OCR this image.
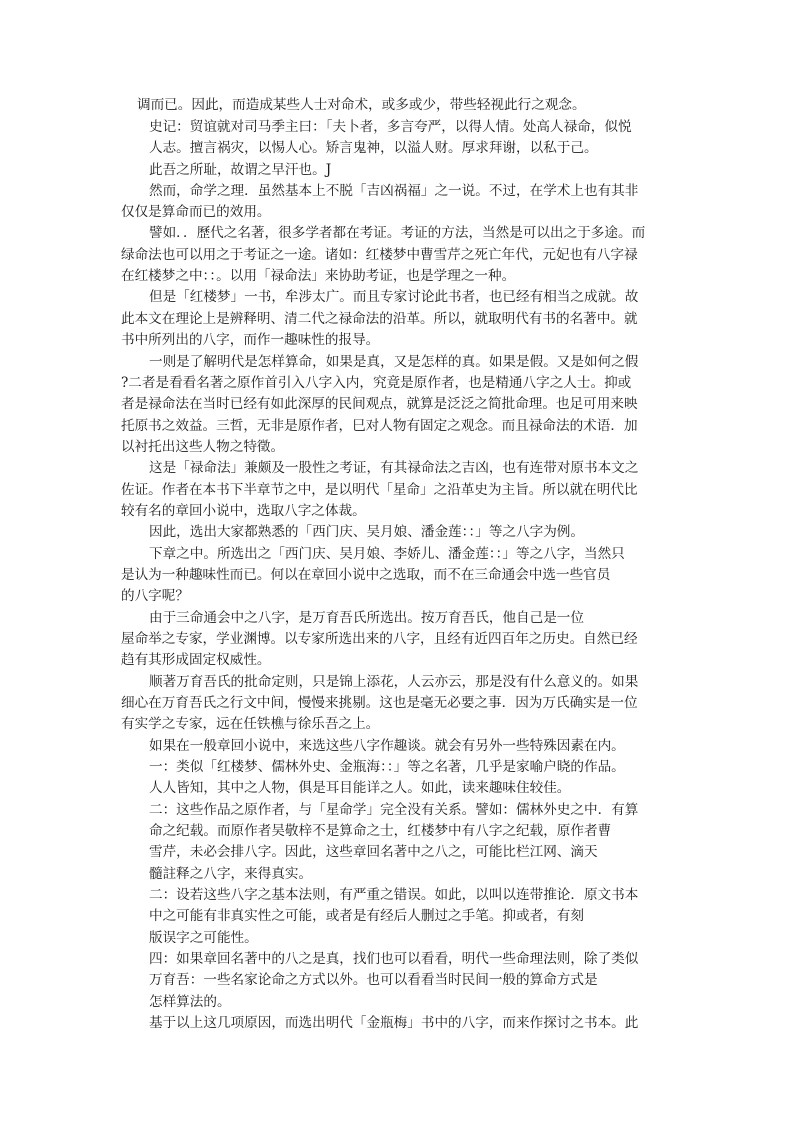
调而已。因此，而造成某些人士对命术，或多或少，带些轻视此行之观念。
史记：贸谊就对司马季主曰：「夫卜者，多言夸严，以得人情。处高人禄命，似悦
人志。擅言祸灾，以惕人心。矫言鬼神，以溢人财。厚求拜谢，以私于己。
此吾之所耻，故谓之早汗也。J
然而，命学之理．虽然基本上不脱「吉凶祸福」之一说。不过，在学术上也有其非
仅仅是算命而已的效用。
譬如．．歷代之名著，很多学者都在考证。考证的方法，当然是可以出之于多途。而
绿命法也可以用之于考证之一途。诸如：红楼梦中曹雪芹之死亡年代，元妃也有八字禄
在红楼梦之中：：。以用「禄命法」来协助考证，也是学理之一种。
但是「红楼梦」一书，牟涉太广。而且专家讨论此书者，也已经有相当之成就。故
此本文在理论上是辨释明、清二代之禄命法的沿革。所以，就取明代有书的名著中。就
书中所列出的八字，而作一趣味性的报导。
一则是了解明代是怎样算命，如果是真，又是怎样的真。如果是假。又是如何之假
?二者是看看名著之原作首引入八字入内，究竟是原作者，也是精通八字之人士。抑或
者是禄命法在当时已经有如此深厚的民间观点，就算是泛泛之简批命理。也足可用来映
托原书之效益。三哲，无非是原作者，巳对人物有固定之观念。而且禄命法的术语．加
以衬托出这些人物之特徵。
这是「禄命法」兼颇及一股性之考证，有其禄命法之吉凶，也有连带对原书本文之
佐证。作者在本书下半章节之中，是以明代「星命」之沿革史为主旨。所以就在明代比
较有名的章回小说中，选取八字之体裁。
因此，选出大家都熟悉的「西门庆、吴月娘、潘金莲：：」等之八字为例。
下章之中。所选出之「西门庆、吴月娘、李娇儿、潘金莲：：」等之八字，当然只
是认为一种趣味性而已。何以在章回小说中之选取，而不在三命通会中选一些官员
的八字呢？
由于三命通会中之八字，是万育吾氏所选出。按万育吾氏，他自己是一位
屋命举之专家，学业渊博。以专家所选出来的八字，且经有近四百年之历史。自然已经
趋有其形成固定权威性。
顺著万育吾氏的批命定则，只是锦上添花，人云亦云，那是没有什么意义的。如果
细心在万育吾氏之行文中间，慢慢来挑剔。这也是毫无必要之事．因为万氏确实是一位
有实学之专家，远在任铁樵与徐乐吾之上。
如果在一般章回小说中，来选这些八字作趣谈。就会有另外一些特殊因素在内。
一：类似「红楼梦、儒林外史、金瓶海：：」等之名著，几乎是家喻户晓的作品。
人人皆知，其中之人物，俱是耳目能详之人。如此，读来趣味住较佳。
二：这些作品之原作者，与「星命学」完全没有关系。譬如：儒林外史之中．有算
命之纪载。而原作者吴敬梓不是算命之士，红楼梦中有八字之纪载，原作者曹
雪芹，未必会排八字。因此，这些章回名著中之八之，可能比栏江网、滴天
髓註释之八字，来得真实。
二：设若这些八字之基本法则，有严重之错误。如此，以叫以连带推论．原文书本
中之可能有非真实性之可能，或者是有经后人删过之手笔。抑或者，有刻
版误字之可能性。
四：如果章回名著中的八之是真，找们也可以看看，明代一些命理法则，除了类似
万育吾：一些名家论命之方式以外。也可以看看当时民间一般的算命方式是
怎样算法的。
基于以上这几项原因，而选出明代「金瓶梅」书中的八字，而来作探讨之书本。此
